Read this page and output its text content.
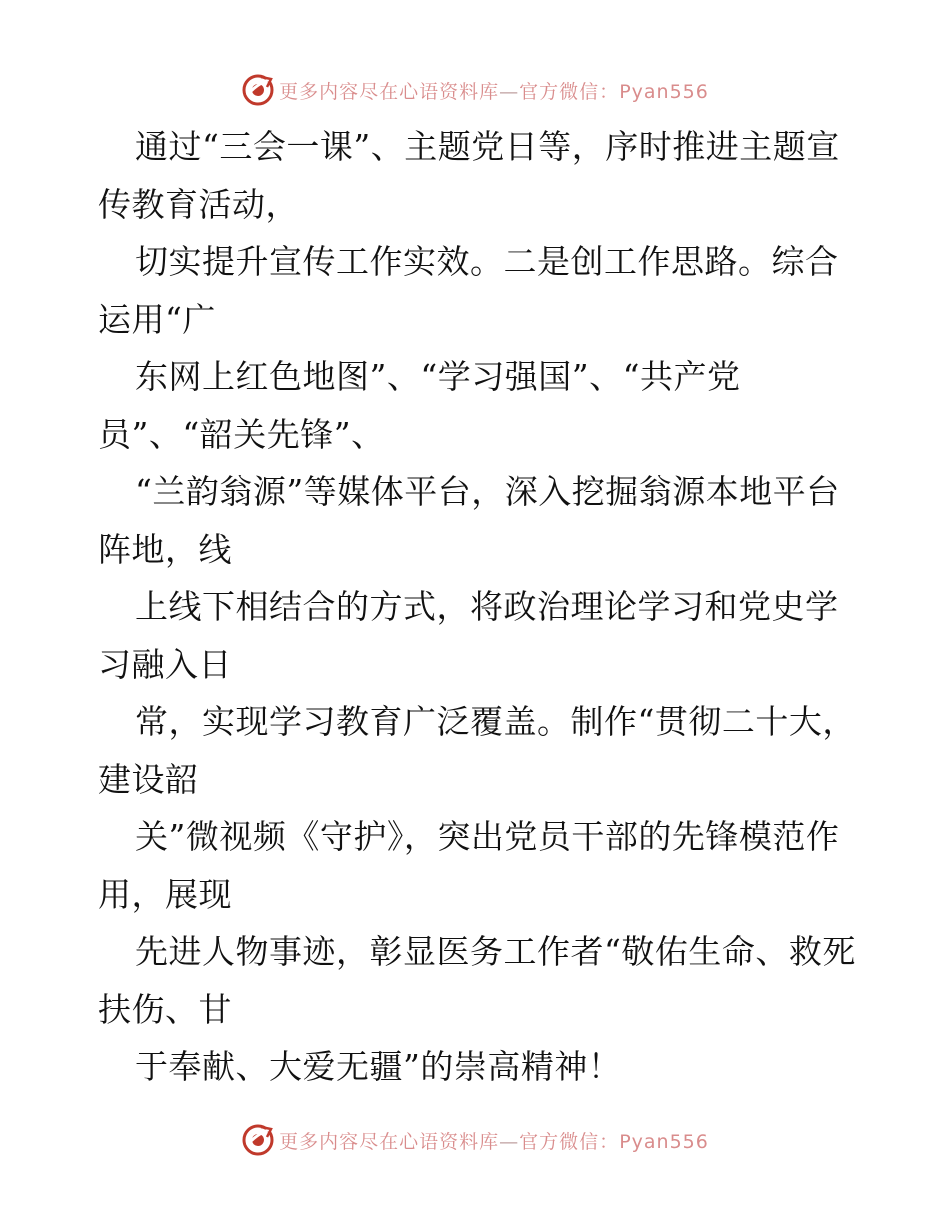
更多内容尽在心语资料库—官方微信：Pyan556

通过“三会一课”、主题党日等，序时推进主题宣传教育活动，

切实提升宣传工作实效。二是创工作思路。综合运用“广

东网上红色地图”、“学习强国”、“共产党员”、“韶关先锋”、

“兰韵翁源”等媒体平台，深入挖掘翁源本地平台阵地，线

上线下相结合的方式，将政治理论学习和党史学习融入日

常，实现学习教育广泛覆盖。制作“贯彻二十大，建设韶

关”微视频《守护》，突出党员干部的先锋模范作用，展现

先进人物事迹，彰显医务工作者“敬佑生命、救死扶伤、甘

于奉献、大爱无疆”的崇高精神！

更多内容尽在心语资料库—官方微信：Pyan556
